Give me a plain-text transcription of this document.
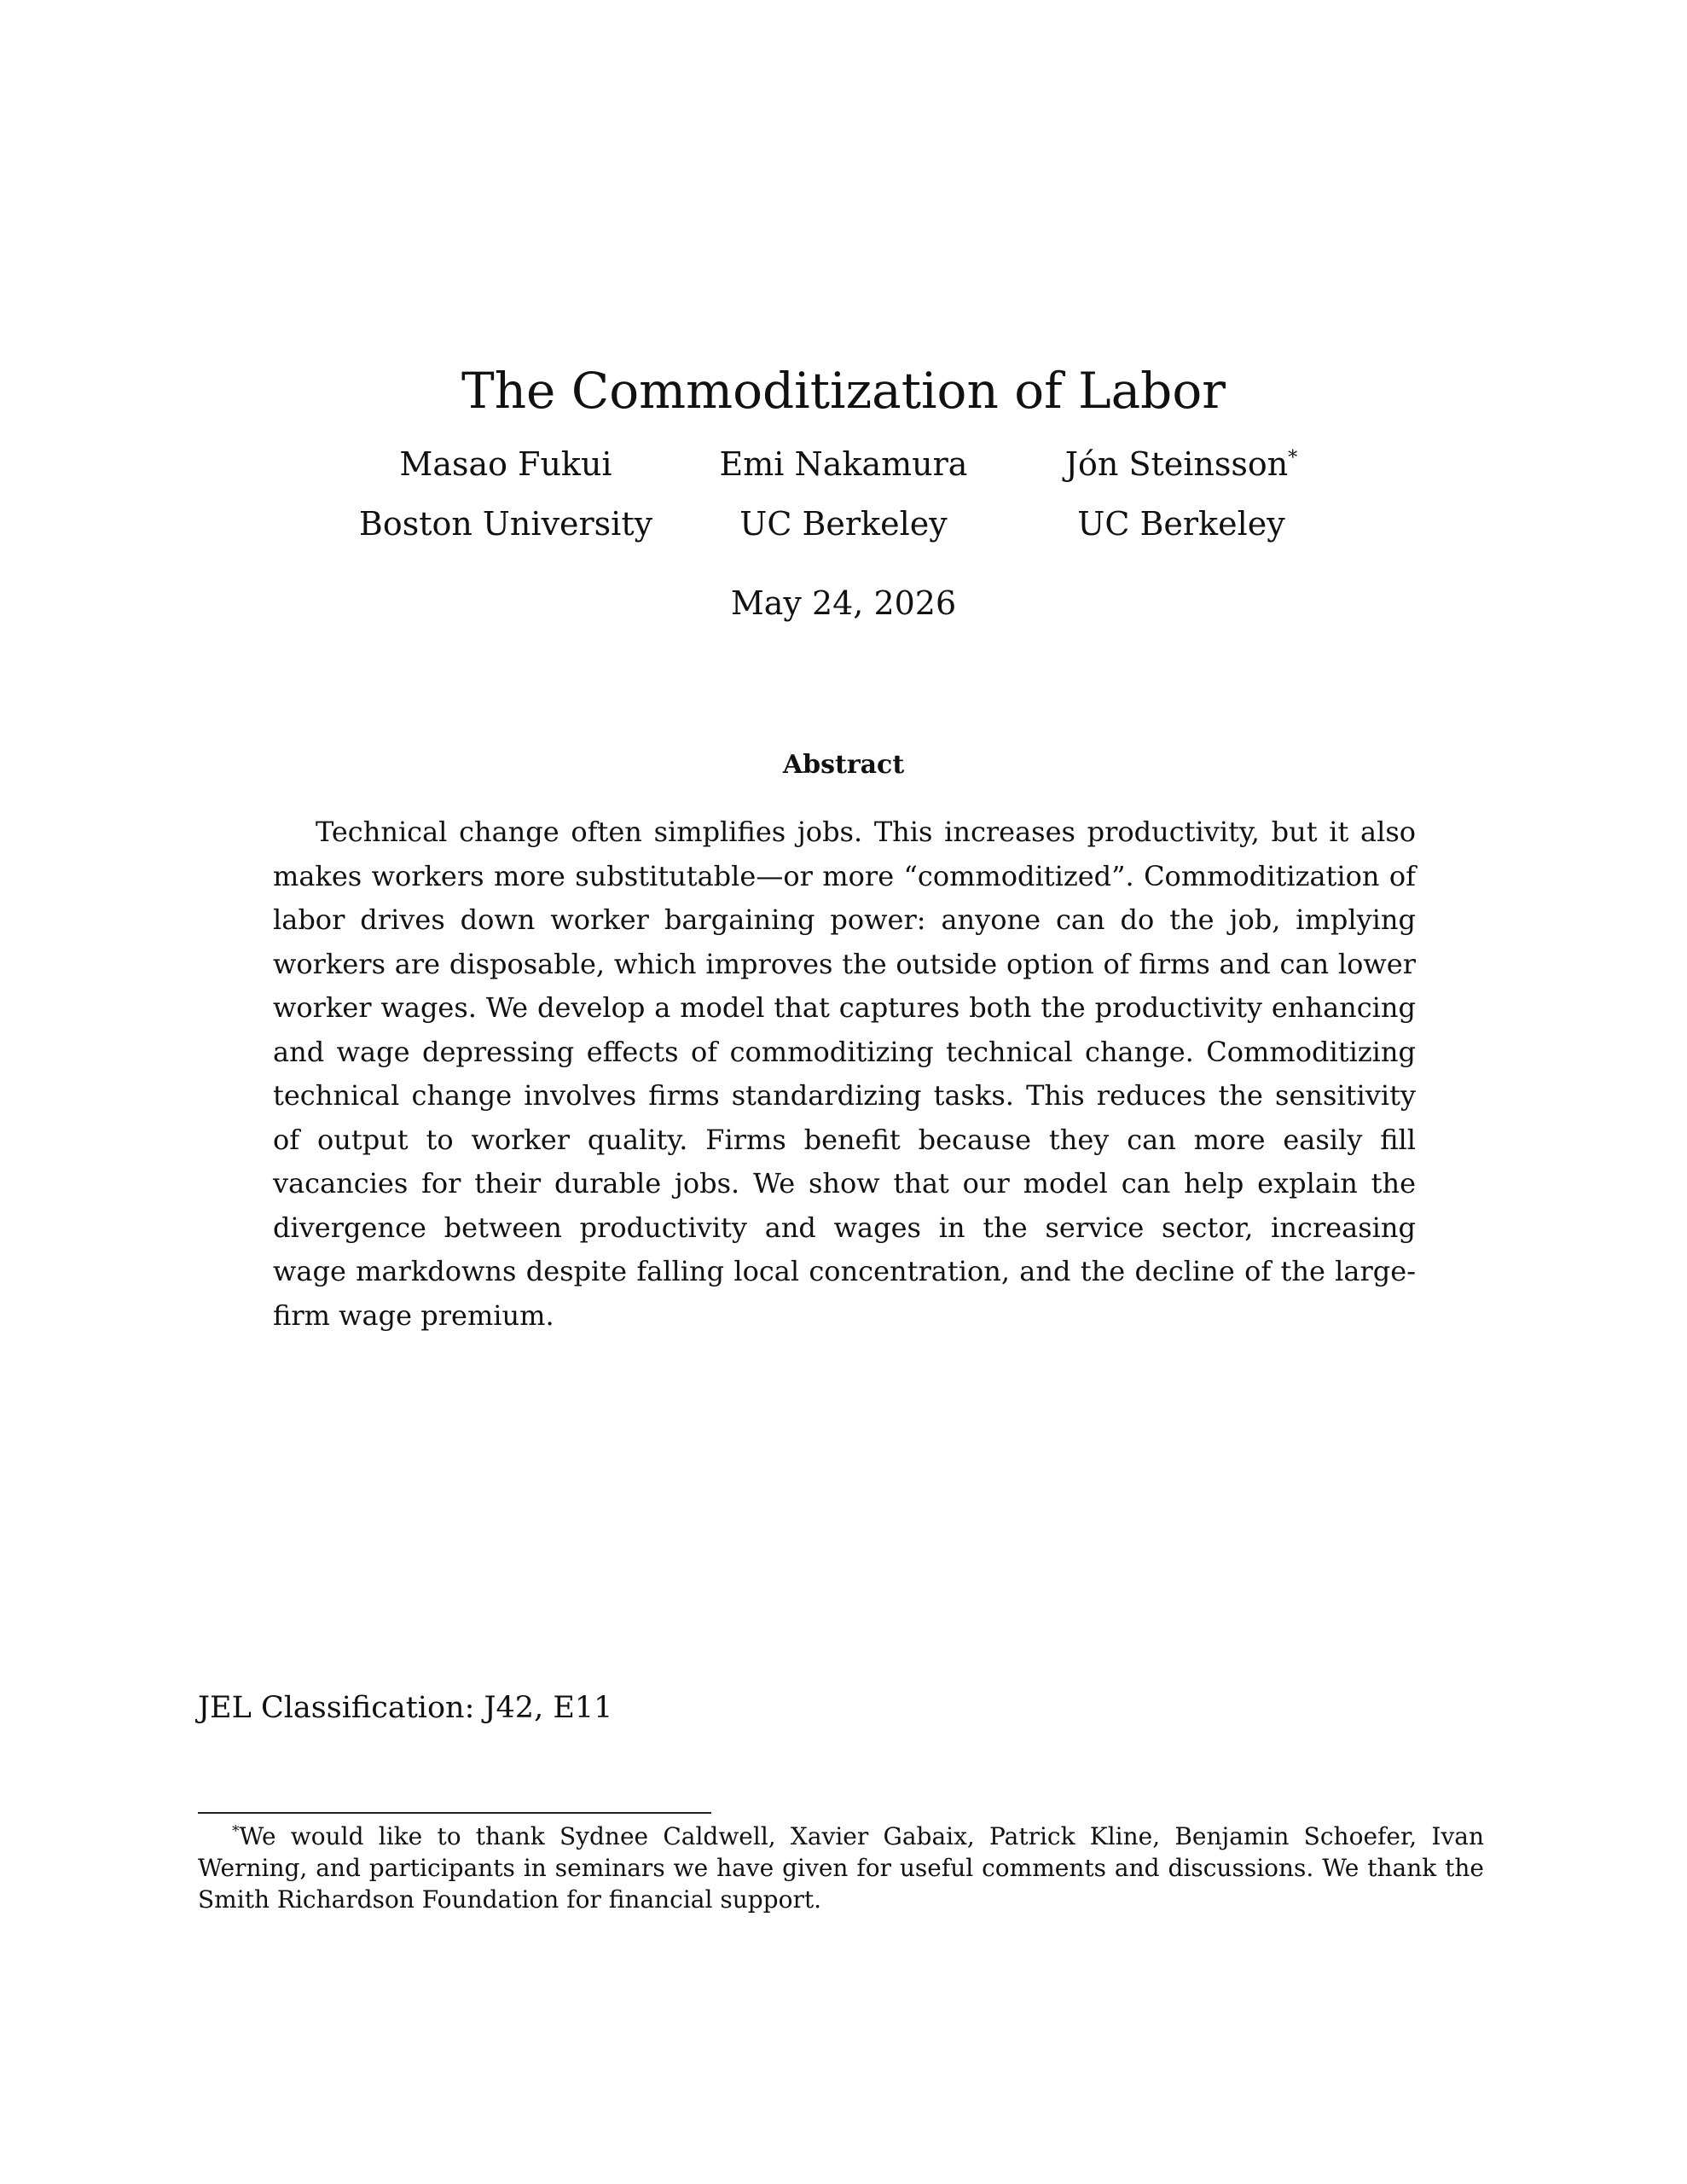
The Commoditization of Labor
Masao Fukui
Boston University
Emi Nakamura
UC Berkeley
Jón Steinsson*
UC Berkeley
May 24, 2026
Abstract

Technical change often simplifies jobs. This increases productivity, but it also makes workers more substitutable—or more “commoditized”. Commoditization of labor drives down worker bargaining power: anyone can do the job, implying workers are disposable, which improves the outside option of firms and can lower worker wages. We develop a model that captures both the productivity enhancing and wage depressing effects of commoditizing technical change. Commoditizing technical change involves firms standardizing tasks. This reduces the sensitivity of output to worker quality. Firms benefit because they can more easily fill vacancies for their durable jobs. We show that our model can help explain the divergence between productivity and wages in the service sector, increasing wage markdowns despite falling local concentration, and the decline of the large-firm wage premium.

JEL Classification: J42, E11

*We would like to thank Sydnee Caldwell, Xavier Gabaix, Patrick Kline, Benjamin Schoefer, Ivan Werning, and participants in seminars we have given for useful comments and discussions. We thank the Smith Richardson Foundation for financial support.
